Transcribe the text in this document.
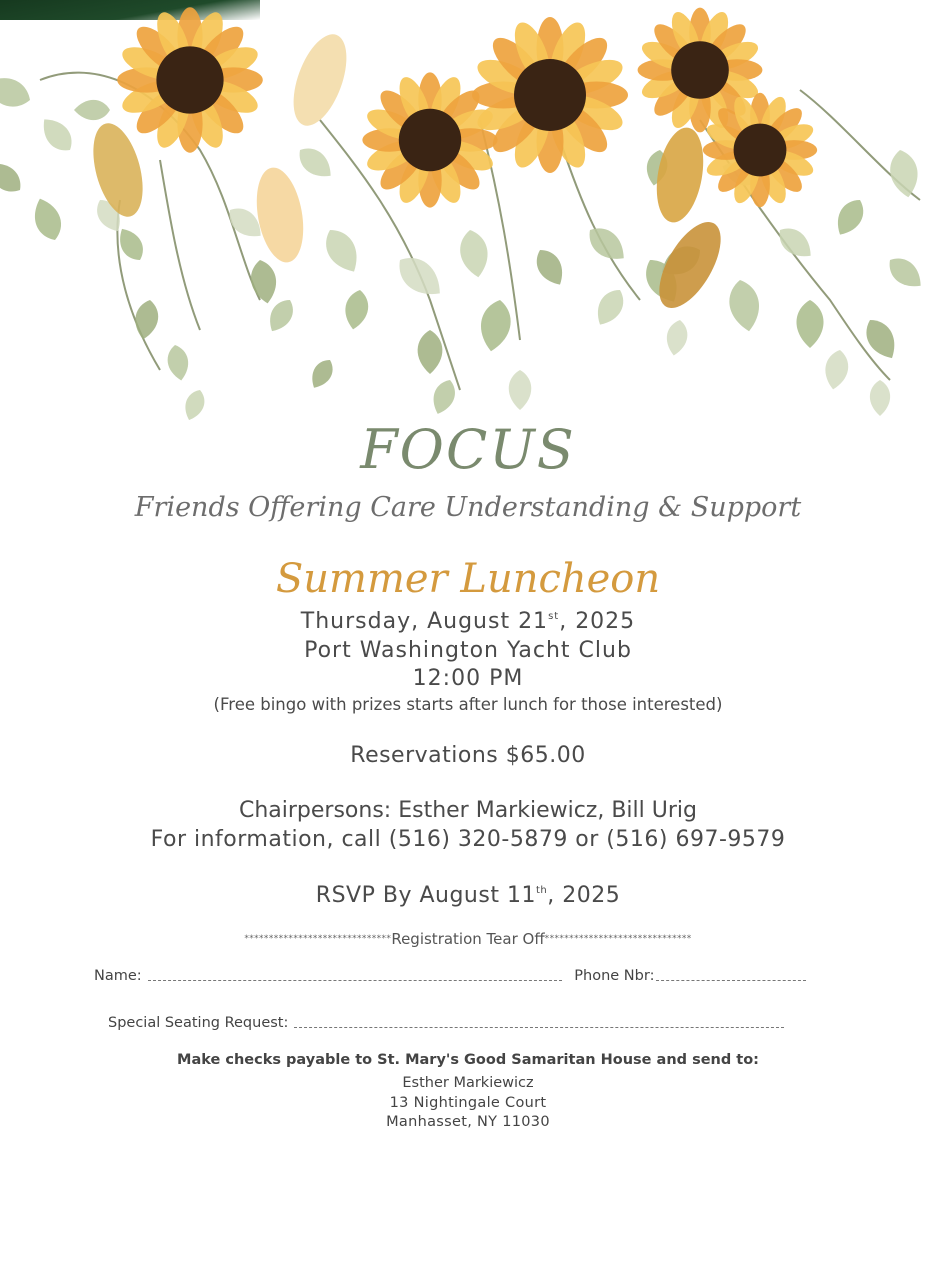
FOCUS
Friends Offering Care Understanding & Support
Summer Luncheon
Thursday, August 21st, 2025
Port Washington Yacht Club
12:00 PM
(Free bingo with prizes starts after lunch for those interested)
Reservations $65.00
Chairpersons: Esther Markiewicz, Bill Urig
For information, call (516) 320-5879 or (516) 697-9579
RSVP By August 11th, 2025
******************************Registration Tear Off******************************
Name:	Phone Nbr:
Special Seating Request:
Make checks payable to St. Mary's Good Samaritan House and send to:
Esther Markiewicz
13 Nightingale Court
Manhasset, NY 11030
